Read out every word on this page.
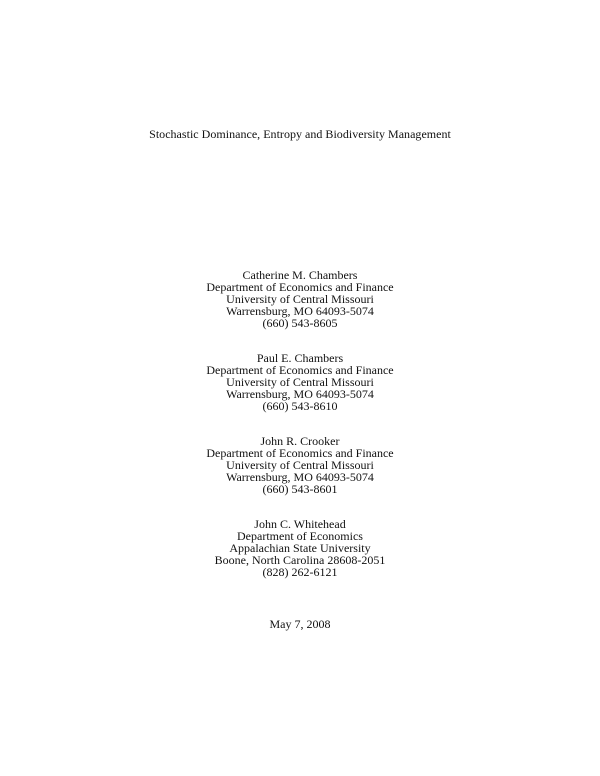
Stochastic Dominance, Entropy and Biodiversity Management
Catherine M. Chambers
Department of Economics and Finance
University of Central Missouri
Warrensburg, MO 64093-5074
(660) 543-8605
Paul E. Chambers
Department of Economics and Finance
University of Central Missouri
Warrensburg, MO 64093-5074
(660) 543-8610
John R. Crooker
Department of Economics and Finance
University of Central Missouri
Warrensburg, MO 64093-5074
(660) 543-8601
John C. Whitehead
Department of Economics
Appalachian State University
Boone, North Carolina 28608-2051
(828) 262-6121
May 7, 2008
